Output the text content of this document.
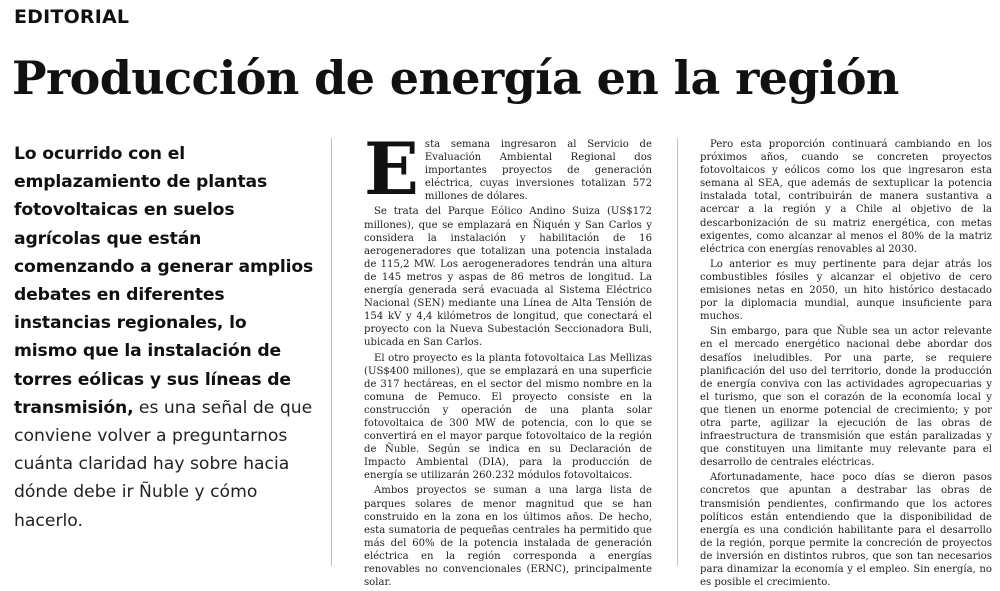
EDITORIAL
Producción de energía en la región
Lo ocurrido con el emplazamiento de plantas fotovoltaicas en suelos agrícolas que están comenzando a generar amplios debates en diferentes instancias regionales, lo mismo que la instalación de torres eólicas y sus líneas de transmisión, es una señal de que conviene volver a preguntarnos cuánta claridad hay sobre hacia dónde debe ir Ñuble y cómo hacerlo.

Esta semana ingresaron al Servicio de Evaluación Ambiental Regional dos importantes proyectos de generación eléctrica, cuyas inversiones totalizan 572 millones de dólares.

Se trata del Parque Eólico Andino Suiza (US$172 millones), que se emplazará en Ñiquén y San Carlos y considera la instalación y habilitación de 16 aerogeneradores que totalizan una potencia instalada de 115,2 MW. Los aerogeneradores tendrán una altura de 145 metros y aspas de 86 metros de longitud. La energía generada será evacuada al Sistema Eléctrico Nacional (SEN) mediante una Línea de Alta Tensión de 154 kV y 4,4 kilómetros de longitud, que conectará el proyecto con la Nueva Subestación Seccionadora Buli, ubicada en San Carlos.

El otro proyecto es la planta fotovoltaica Las Mellizas (US$400 millones), que se emplazará en una superficie de 317 hectáreas, en el sector del mismo nombre en la comuna de Pemuco. El proyecto consiste en la construcción y operación de una planta solar fotovoltaica de 300 MW de potencia, con lo que se convertirá en el mayor parque fotovoltaico de la región de Ñuble. Según se indica en su Declaración de Impacto Ambiental (DIA), para la producción de energía se utilizarán 260.232 módulos fotovoltaicos.

Ambos proyectos se suman a una larga lista de parques solares de menor magnitud que se han construido en la zona en los últimos años. De hecho, esta sumatoria de pequeñas centrales ha permitido que más del 60% de la potencia instalada de generación eléctrica en la región corresponda a energías renovables no convencionales (ERNC), principalmente solar.

Pero esta proporción continuará cambiando en los próximos años, cuando se concreten proyectos fotovoltaicos y eólicos como los que ingresaron esta semana al SEA, que además de sextuplicar la potencia instalada total, contribuirán de manera sustantiva a acercar a la región y a Chile al objetivo de la descarbonización de su matriz energética, con metas exigentes, como alcanzar al menos el 80% de la matriz eléctrica con energías renovables al 2030.

Lo anterior es muy pertinente para dejar atrás los combustibles fósiles y alcanzar el objetivo de cero emisiones netas en 2050, un hito histórico destacado por la diplomacia mundial, aunque insuficiente para muchos.

Sin embargo, para que Ñuble sea un actor relevante en el mercado energético nacional debe abordar dos desafíos ineludibles. Por una parte, se requiere planificación del uso del territorio, donde la producción de energía conviva con las actividades agropecuarias y el turismo, que son el corazón de la economía local y que tienen un enorme potencial de crecimiento; y por otra parte, agilizar la ejecución de las obras de infraestructura de transmisión que están paralizadas y que constituyen una limitante muy relevante para el desarrollo de centrales eléctricas.

Afortunadamente, hace poco días se dieron pasos concretos que apuntan a destrabar las obras de transmisión pendientes, confirmando que los actores políticos están entendiendo que la disponibilidad de energía es una condición habilitante para el desarrollo de la región, porque permite la concreción de proyectos de inversión en distintos rubros, que son tan necesarios para dinamizar la economía y el empleo. Sin energía, no es posible el crecimiento.
